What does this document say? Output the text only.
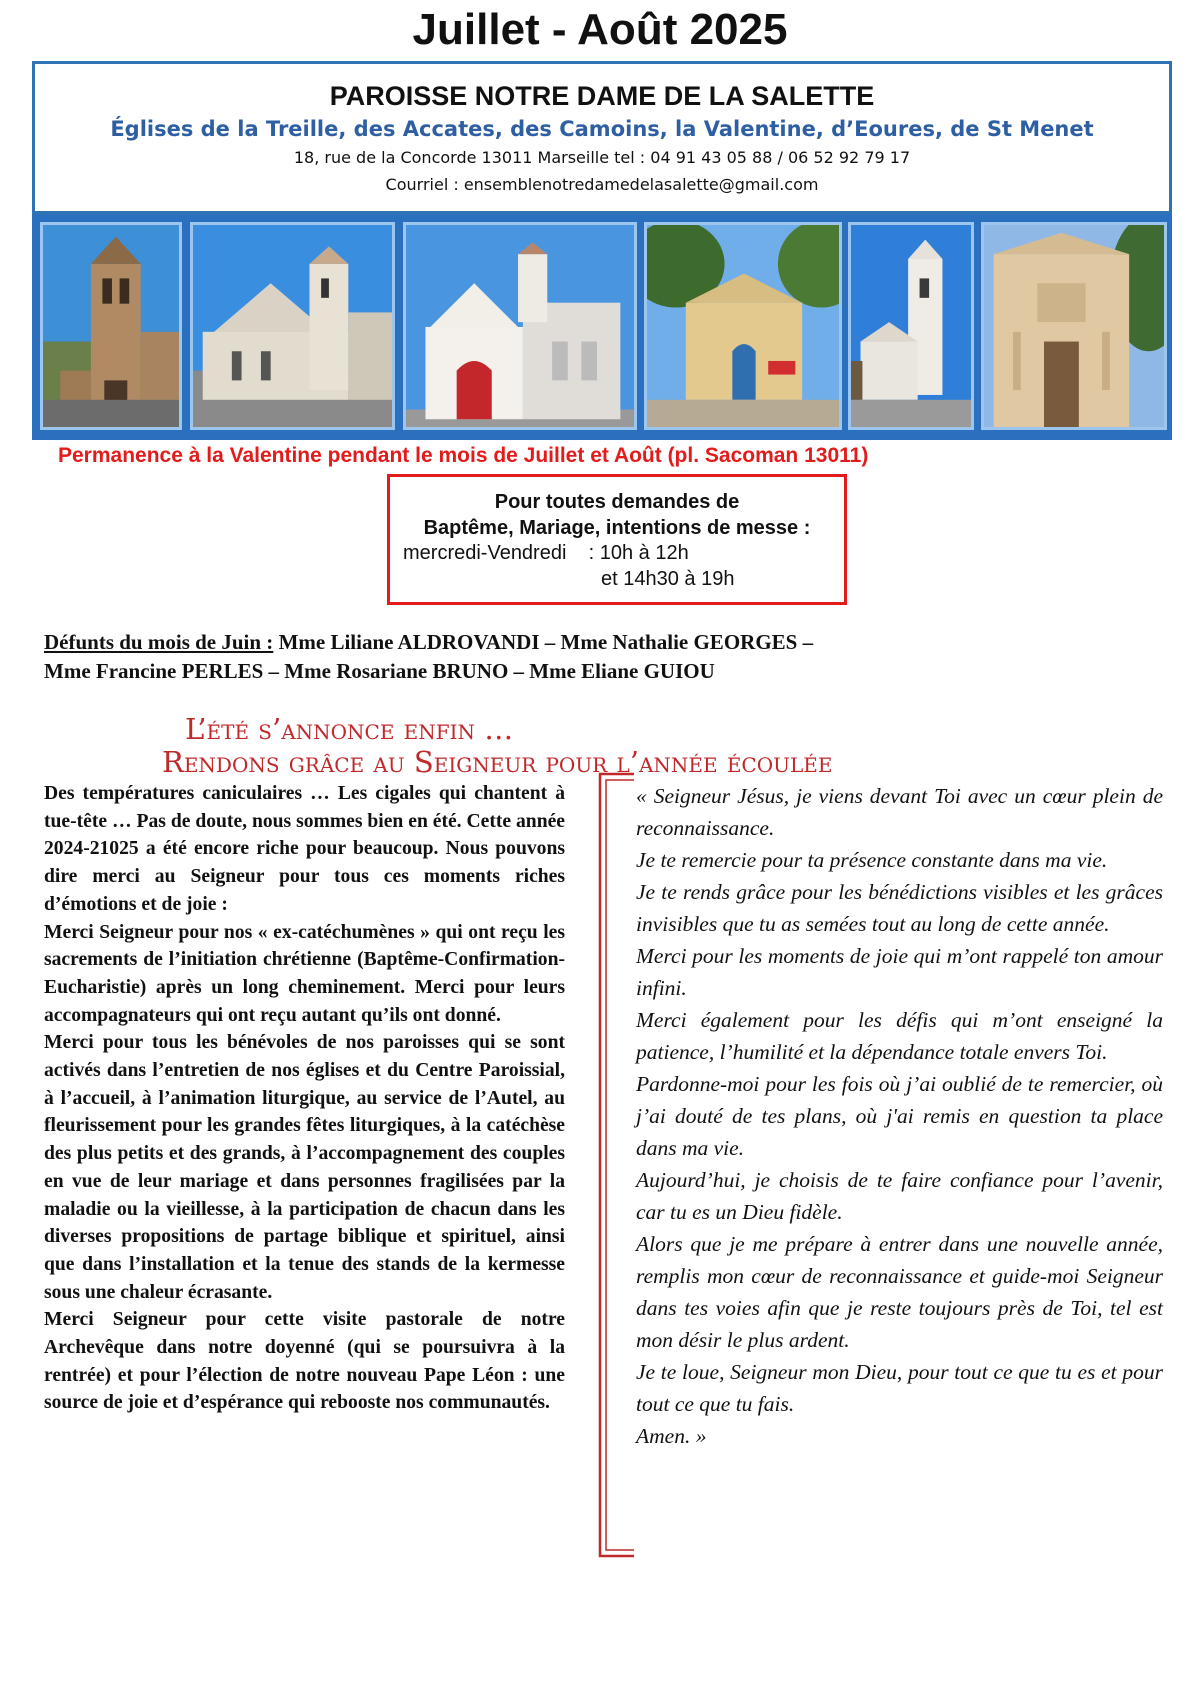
Juillet - Août 2025
PAROISSE NOTRE DAME DE LA SALETTE
Églises de la Treille, des Accates, des Camoins, la Valentine, d’Eoures, de St Menet
18, rue de la Concorde 13011 Marseille tel : 04 91 43 05 88 / 06 52 92 79 17
Courriel : ensemblenotredamedelasalette@gmail.com
Permanence à la Valentine pendant le mois de Juillet et Août (pl. Sacoman 13011)
Pour toutes demandes de
Baptême, Mariage, intentions de messe :
mercredi-Vendredi    : 10h à 12h
et 14h30 à 19h
Défunts du mois de Juin : Mme Liliane ALDROVANDI – Mme Nathalie GEORGES –
Mme Francine PERLES – Mme Rosariane BRUNO – Mme Eliane GUIOU
L’été s’annonce enfin …
Rendons grâce au Seigneur pour l’année écoulée

Des températures caniculaires … Les cigales qui chantent à tue-tête … Pas de doute, nous sommes bien en été. Cette année 2024-21025 a été encore riche pour beaucoup. Nous pouvons dire merci au Seigneur pour tous ces moments riches d’émotions et de joie :

Merci Seigneur pour nos « ex-catéchumènes » qui ont reçu les sacrements de l’initiation chrétienne (Baptême-Confirmation-Eucharistie) après un long cheminement. Merci pour leurs accompagnateurs qui ont reçu autant qu’ils ont donné.

Merci pour tous les bénévoles de nos paroisses qui se sont activés dans l’entretien de nos églises et du Centre Paroissial, à l’accueil, à l’animation liturgique, au service de l’Autel, au fleurissement pour les grandes fêtes liturgiques, à la catéchèse des plus petits et des grands, à l’accompagnement des couples en vue de leur mariage et dans personnes fragilisées par la maladie ou la vieillesse, à la participation de chacun dans les diverses propositions de partage biblique et spirituel, ainsi que dans l’installation et la tenue des stands de la kermesse sous une chaleur écrasante.

Merci Seigneur pour cette visite pastorale de notre Archevêque dans notre doyenné (qui se poursuivra à la rentrée) et pour l’élection de notre nouveau Pape Léon : une source de joie et d’espérance qui rebooste nos communautés.

« Seigneur Jésus, je viens devant Toi avec un cœur plein de reconnaissance.

Je te remercie pour ta présence constante dans ma vie.

Je te rends grâce pour les bénédictions visibles et les grâces invisibles que tu as semées tout au long de cette année.

Merci pour les moments de joie qui m’ont rappelé ton amour infini.

Merci également pour les défis qui m’ont enseigné la patience, l’humilité et la dépendance totale envers Toi.

Pardonne-moi pour les fois où j’ai oublié de te remercier, où j’ai douté de tes plans, où j'ai remis en question ta place dans ma vie.

Aujourd’hui, je choisis de te faire confiance pour l’avenir, car tu es un Dieu fidèle.

Alors que je me prépare à entrer dans une nouvelle année, remplis mon cœur de reconnaissance et guide-moi Seigneur dans tes voies afin que je reste toujours près de Toi, tel est mon désir le plus ardent.

Je te loue, Seigneur mon Dieu, pour tout ce que tu es et pour tout ce que tu fais.

Amen. »
